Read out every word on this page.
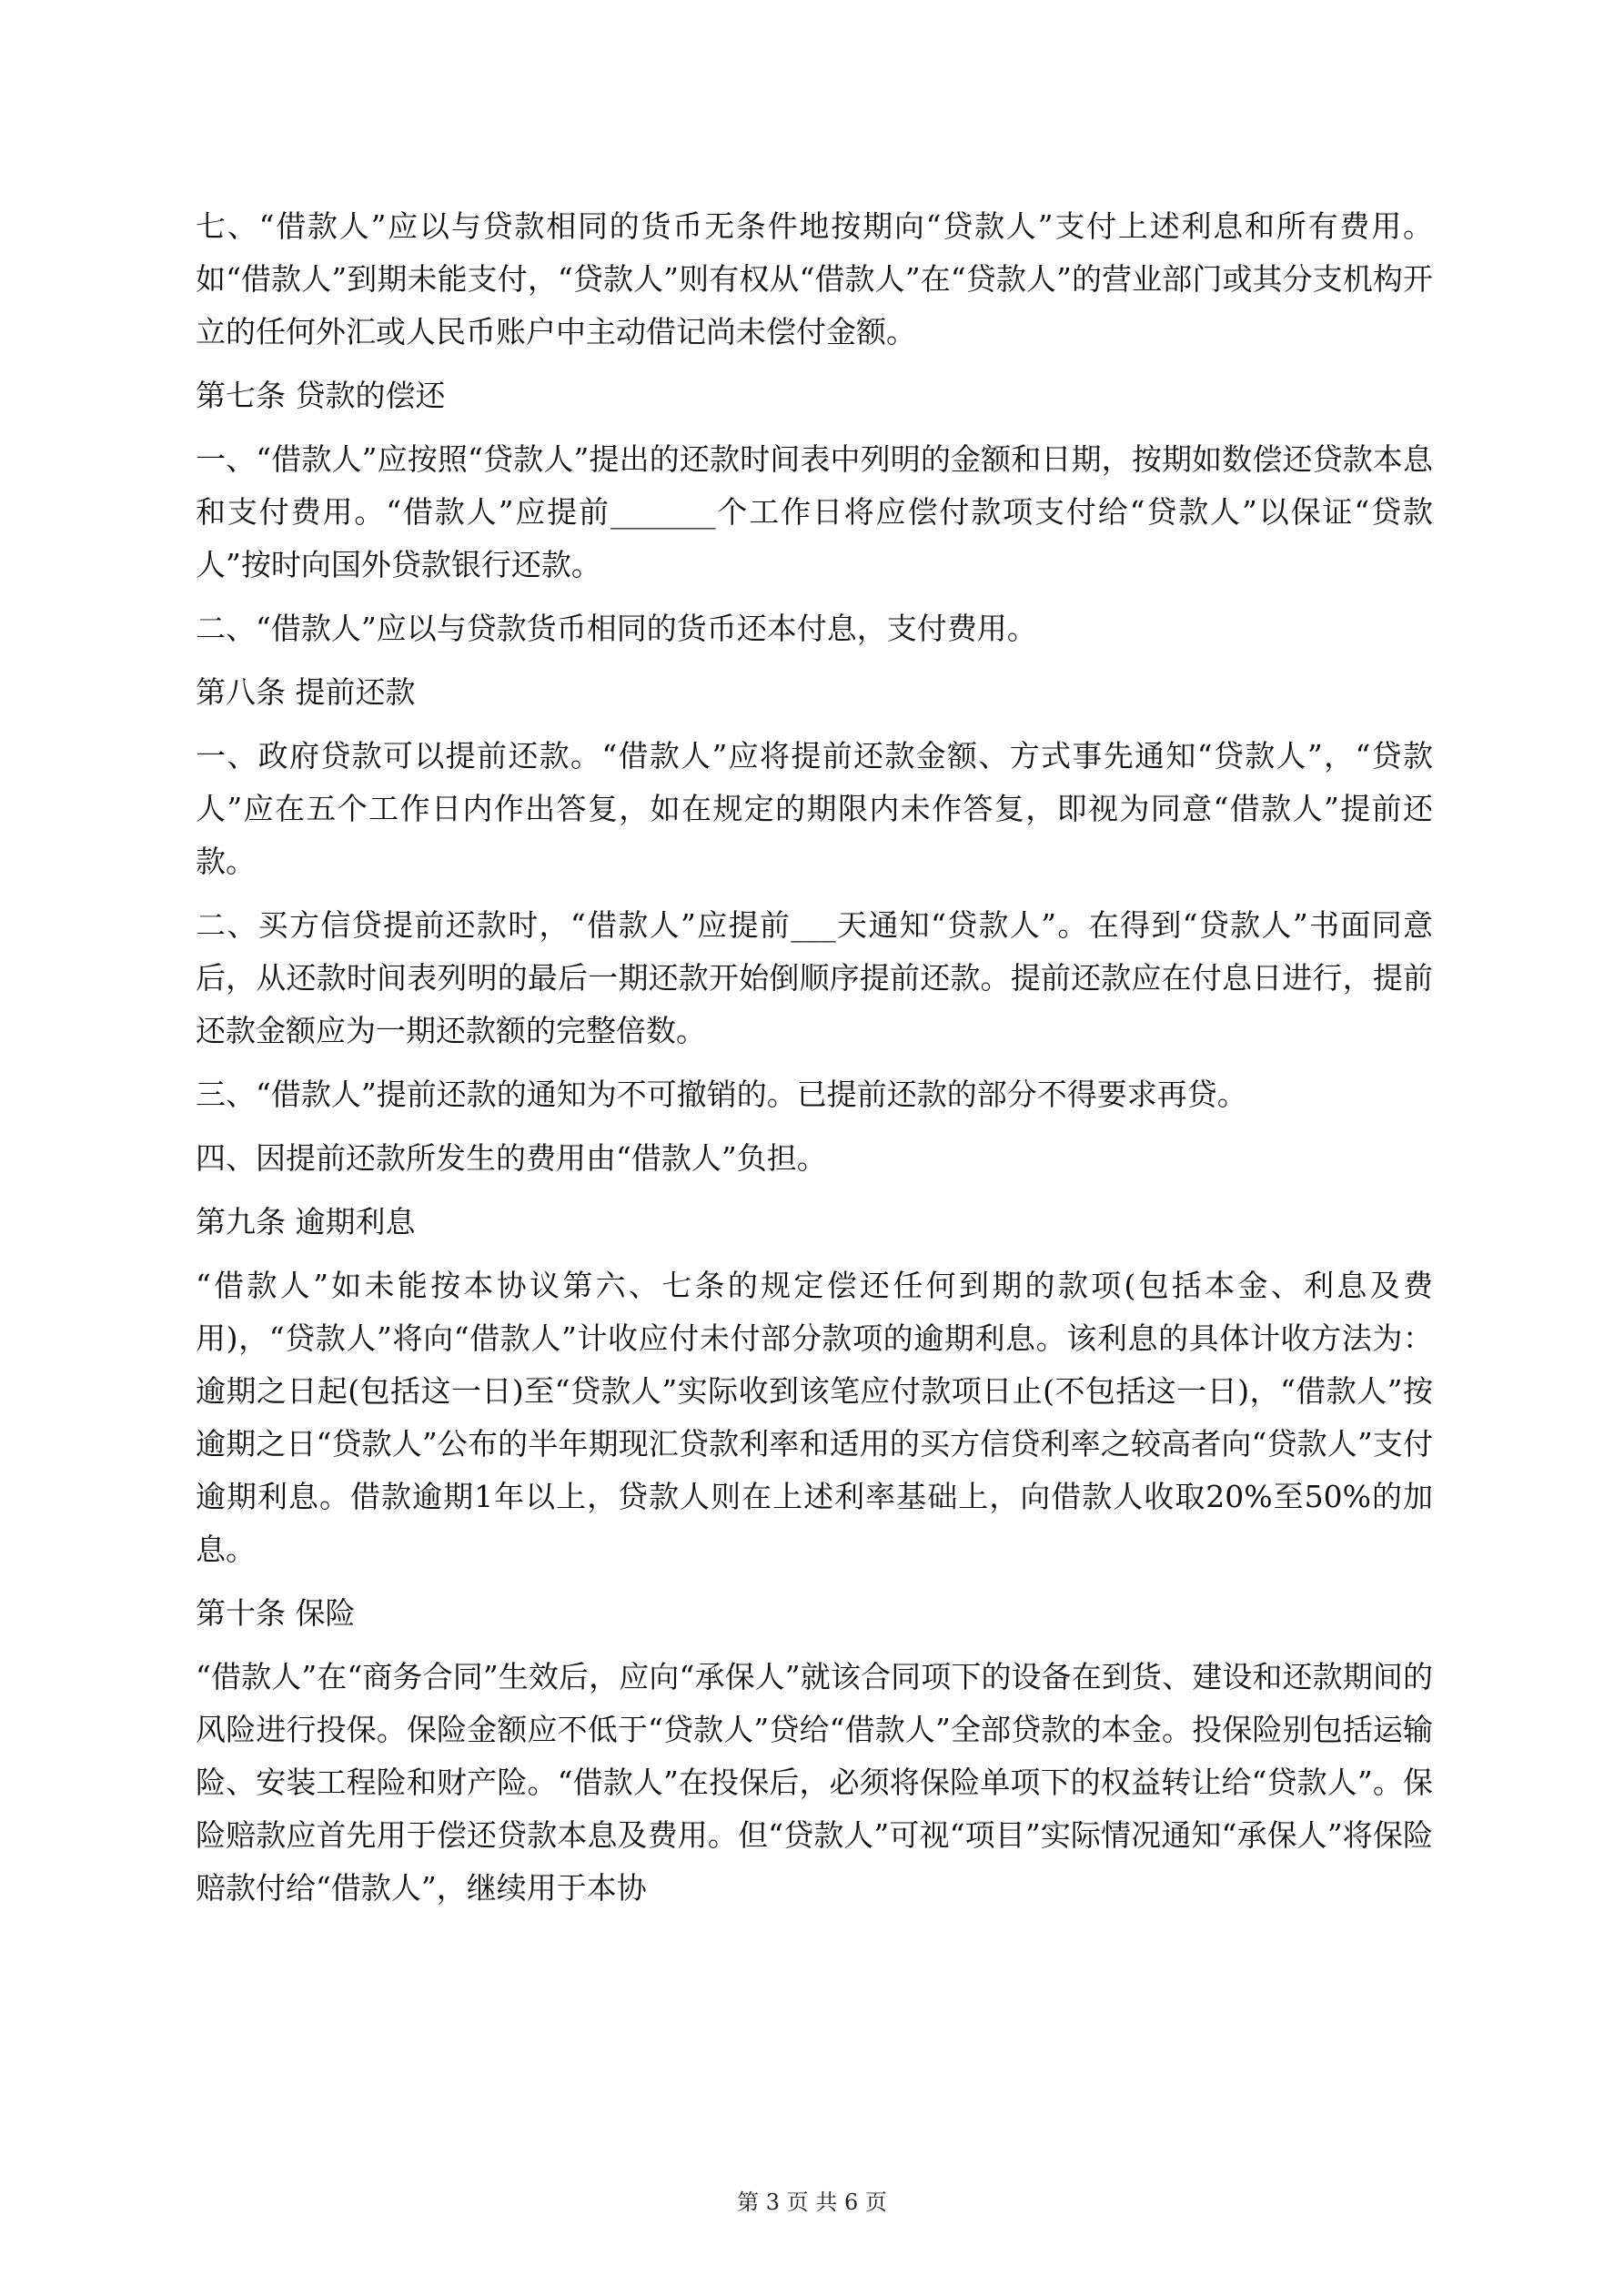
七、“借款人”应以与贷款相同的货币无条件地按期向“贷款人”支付上述利息和所有费用。如“借款人”到期未能支付，“贷款人”则有权从“借款人”在“贷款人”的营业部门或其分支机构开立的任何外汇或人民币账户中主动借记尚未偿付金额。

第七条 贷款的偿还

一、“借款人”应按照“贷款人”提出的还款时间表中列明的金额和日期，按期如数偿还贷款本息和支付费用。“借款人”应提前_______个工作日将应偿付款项支付给“贷款人”以保证“贷款人”按时向国外贷款银行还款。

二、“借款人”应以与贷款货币相同的货币还本付息，支付费用。

第八条 提前还款

一、政府贷款可以提前还款。“借款人”应将提前还款金额、方式事先通知“贷款人”，“贷款人”应在五个工作日内作出答复，如在规定的期限内未作答复，即视为同意“借款人”提前还款。

二、买方信贷提前还款时，“借款人”应提前___天通知“贷款人”。在得到“贷款人”书面同意后，从还款时间表列明的最后一期还款开始倒顺序提前还款。提前还款应在付息日进行，提前还款金额应为一期还款额的完整倍数。

三、“借款人”提前还款的通知为不可撤销的。已提前还款的部分不得要求再贷。

四、因提前还款所发生的费用由“借款人”负担。

第九条 逾期利息

“借款人”如未能按本协议第六、七条的规定偿还任何到期的款项(包括本金、利息及费用)，“贷款人”将向“借款人”计收应付未付部分款项的逾期利息。该利息的具体计收方法为：逾期之日起(包括这一日)至“贷款人”实际收到该笔应付款项日止(不包括这一日)，“借款人”按逾期之日“贷款人”公布的半年期现汇贷款利率和适用的买方信贷利率之较高者向“贷款人”支付逾期利息。借款逾期1年以上，贷款人则在上述利率基础上，向借款人收取20%至50%的加息。

第十条 保险

“借款人”在“商务合同”生效后，应向“承保人”就该合同项下的设备在到货、建设和还款期间的风险进行投保。保险金额应不低于“贷款人”贷给“借款人”全部贷款的本金。投保险别包括运输险、安装工程险和财产险。“借款人”在投保后，必须将保险单项下的权益转让给“贷款人”。保险赔款应首先用于偿还贷款本息及费用。但“贷款人”可视“项目”实际情况通知“承保人”将保险赔款付给“借款人”，继续用于本协

第 3 页 共 6 页
